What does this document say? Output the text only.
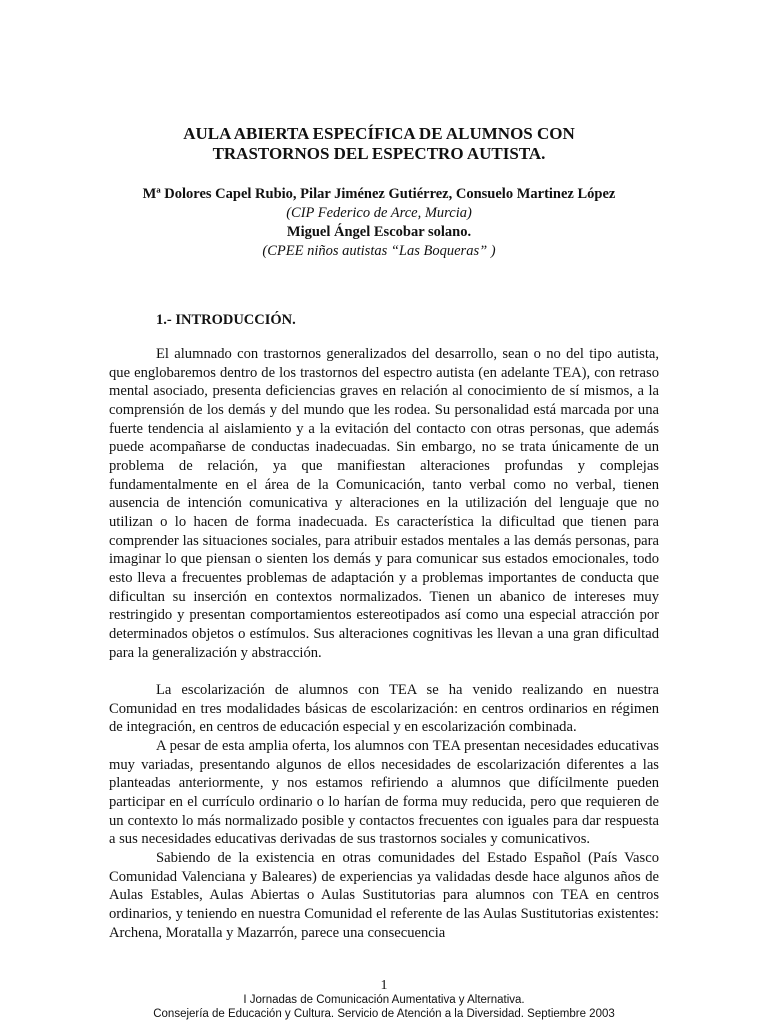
AULA ABIERTA ESPECÍFICA DE ALUMNOS CON
TRASTORNOS DEL ESPECTRO AUTISTA.
Mª Dolores Capel Rubio, Pilar Jiménez Gutiérrez, Consuelo Martinez López
(CIP Federico de Arce, Murcia)
Miguel Ángel Escobar solano.
(CPEE niños autistas “Las Boqueras” )
1.- INTRODUCCIÓN.

El alumnado con trastornos generalizados del desarrollo, sean o no del tipo autista, que englobaremos dentro de los trastornos del espectro autista (en adelante TEA), con retraso mental asociado, presenta deficiencias graves en relación al conocimiento de sí mismos, a la comprensión de los demás y del mundo que les rodea. Su personalidad está marcada por una fuerte tendencia al aislamiento y a la evitación del contacto con otras personas, que además puede acompañarse de conductas inadecuadas. Sin embargo, no se trata únicamente de un problema de relación, ya que manifiestan alteraciones profundas y complejas fundamentalmente en el área de la Comunicación, tanto verbal como no verbal, tienen ausencia de intención comunicativa y alteraciones en la utilización del lenguaje que no utilizan o lo hacen de forma inadecuada. Es característica la dificultad que tienen para comprender las situaciones sociales, para atribuir estados mentales a las demás personas, para imaginar lo que piensan o sienten los demás y para comunicar sus estados emocionales, todo esto lleva a frecuentes problemas de adaptación y a problemas importantes de conducta que dificultan su inserción en contextos normalizados. Tienen un abanico de intereses muy restringido y presentan comportamientos estereotipados así como una especial atracción por determinados objetos o estímulos. Sus alteraciones cognitivas les llevan a una gran dificultad para la generalización y abstracción.

La escolarización de alumnos con TEA se ha venido realizando en nuestra Comunidad en tres modalidades básicas de escolarización: en centros ordinarios en régimen de integración, en centros de educación especial y en escolarización combinada.

A pesar de esta amplia oferta, los alumnos con TEA presentan necesidades educativas muy variadas, presentando algunos de ellos necesidades de escolarización diferentes a las planteadas anteriormente, y nos estamos refiriendo a alumnos que difícilmente pueden participar en el currículo ordinario o lo harían de forma muy reducida, pero que requieren de un contexto lo más normalizado posible y contactos frecuentes con iguales para dar respuesta a sus necesidades educativas derivadas de sus trastornos sociales y comunicativos.

Sabiendo de la existencia en otras comunidades del Estado Español (País Vasco Comunidad Valenciana y Baleares) de experiencias ya validadas desde hace algunos años de Aulas Estables, Aulas Abiertas o Aulas Sustitutorias para alumnos con TEA en centros ordinarios, y teniendo en nuestra Comunidad el referente de las Aulas Sustitutorias existentes: Archena, Moratalla y Mazarrón, parece una consecuencia

1
I Jornadas de Comunicación Aumentativa y Alternativa.
Consejería de Educación y Cultura. Servicio de Atención a la Diversidad. Septiembre 2003
